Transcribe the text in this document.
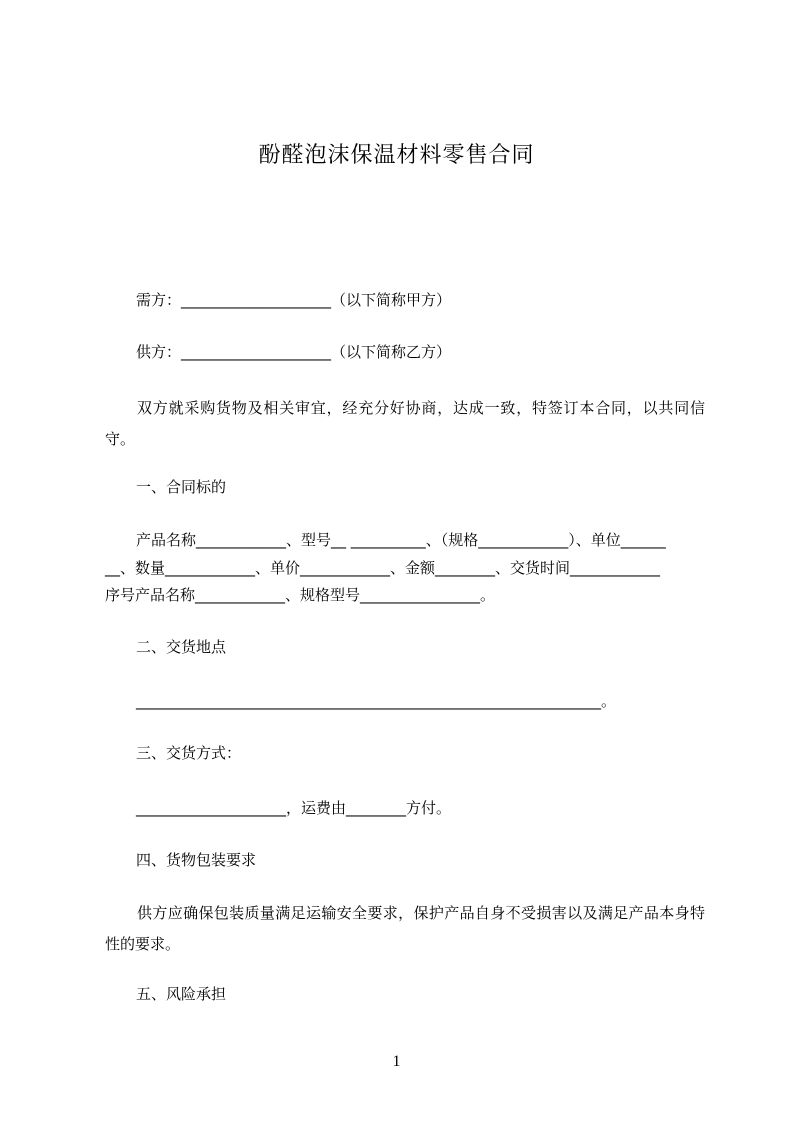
酚醛泡沫保温材料零售合同
需方：____________________（以下简称甲方）
供方：____________________（以下简称乙方）
双方就采购货物及相关审宜，经充分好协商，达成一致，特签订本合同，以共同信守。
一、合同标的
产品名称____________、型号__ __________、（规格____________）、单位______
__、数量____________、单价____________、金额________、交货时间____________
序号产品名称____________、规格型号________________。
二、交货地点
______________________________________________________________。
三、交货方式：
____________________，运费由________方付。
四、货物包装要求
供方应确保包装质量满足运输安全要求，保护产品自身不受损害以及满足产品本身特性的要求。
五、风险承担
1
